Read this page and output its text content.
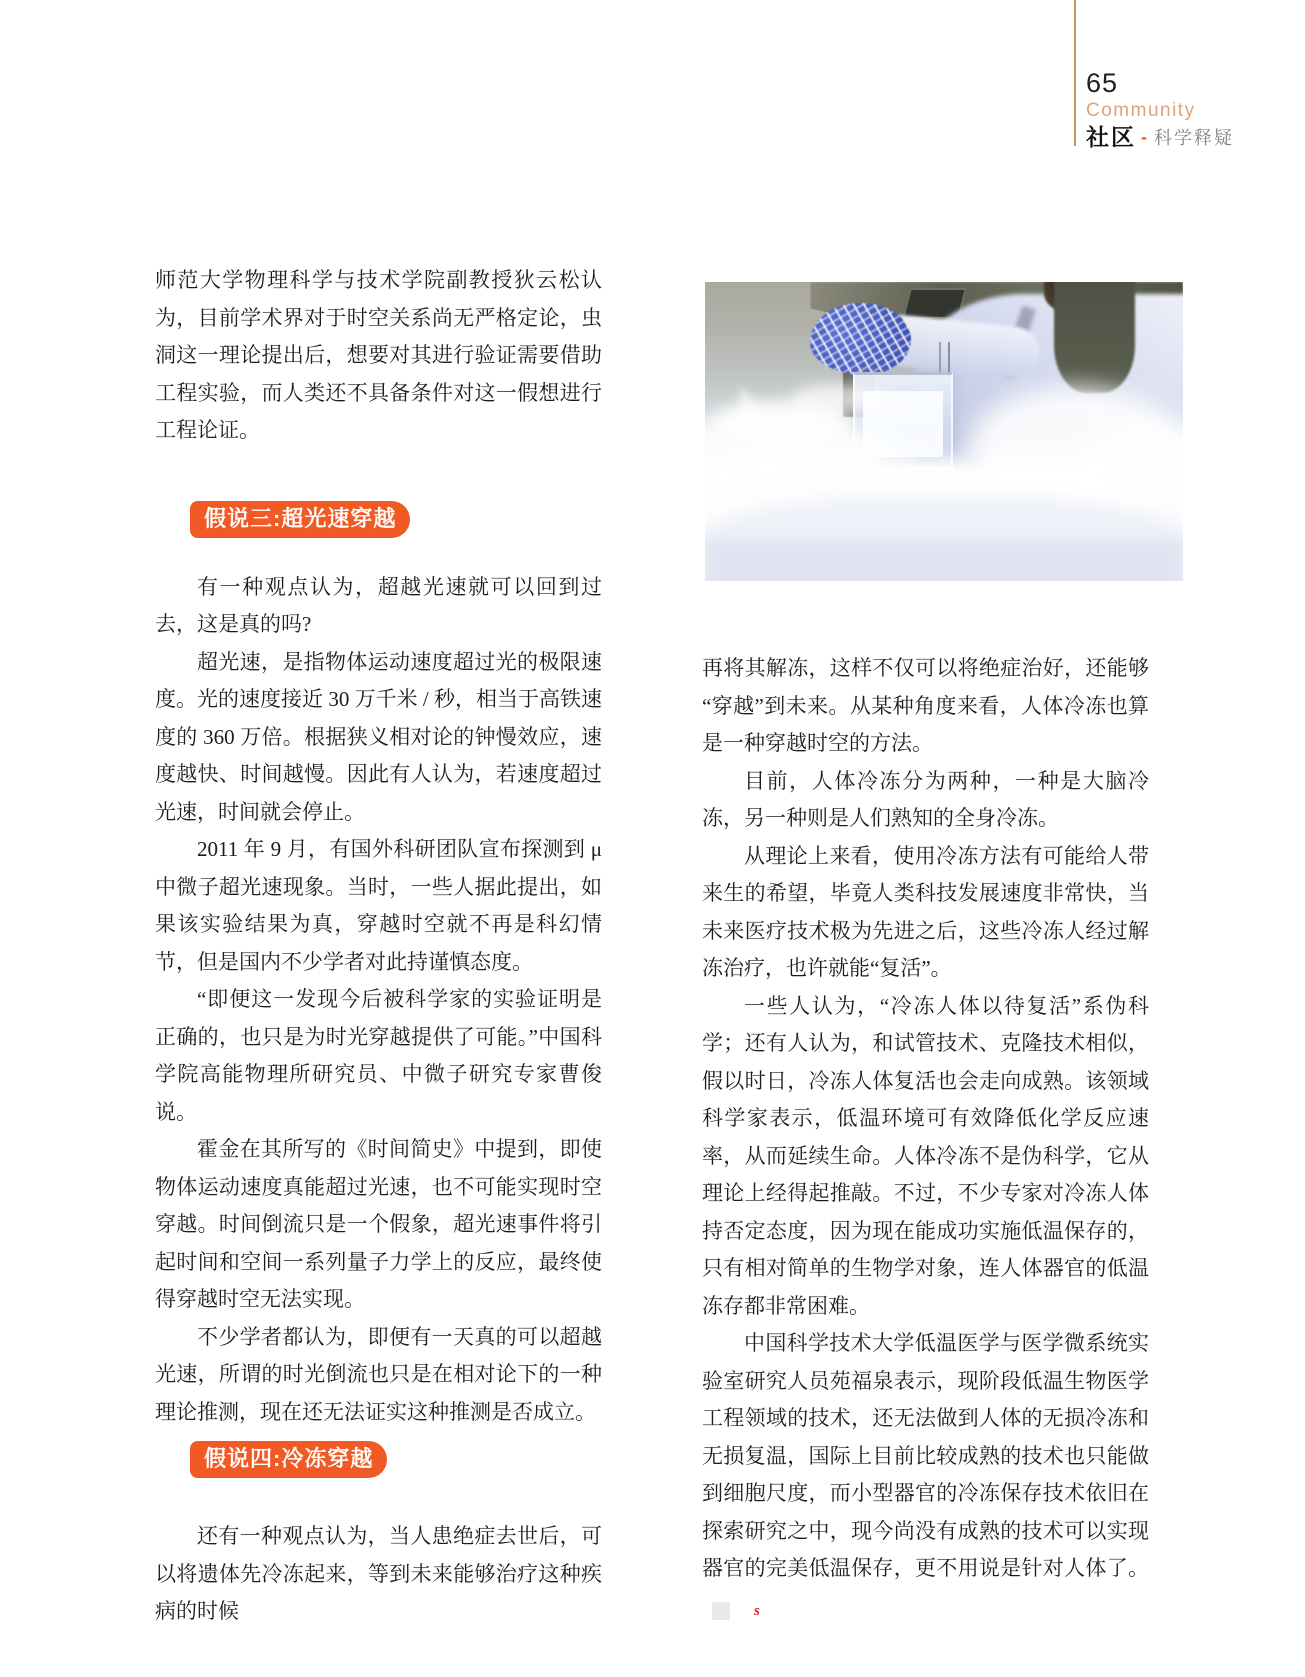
65
Community
社区 - 科学释疑

师范大学物理科学与技术学院副教授狄云松认为，目前学术界对于时空关系尚无严格定论，虫洞这一理论提出后，想要对其进行验证需要借助工程实验，而人类还不具备条件对这一假想进行工程论证。

假说三:超光速穿越

有一种观点认为，超越光速就可以回到过去，这是真的吗?

超光速，是指物体运动速度超过光的极限速度。光的速度接近 30 万千米 / 秒，相当于高铁速度的 360 万倍。根据狭义相对论的钟慢效应，速度越快、时间越慢。因此有人认为，若速度超过光速，时间就会停止。

2011 年 9 月，有国外科研团队宣布探测到 μ 中微子超光速现象。当时，一些人据此提出，如果该实验结果为真，穿越时空就不再是科幻情节，但是国内不少学者对此持谨慎态度。

“即便这一发现今后被科学家的实验证明是正确的，也只是为时光穿越提供了可能。”中国科学院高能物理所研究员、中微子研究专家曹俊说。

霍金在其所写的《时间简史》中提到，即使物体运动速度真能超过光速，也不可能实现时空穿越。时间倒流只是一个假象，超光速事件将引起时间和空间一系列量子力学上的反应，最终使得穿越时空无法实现。

不少学者都认为，即便有一天真的可以超越光速，所谓的时光倒流也只是在相对论下的一种理论推测，现在还无法证实这种推测是否成立。

假说四:冷冻穿越

还有一种观点认为，当人患绝症去世后，可以将遗体先冷冻起来，等到未来能够治疗这种疾病的时候

再将其解冻，这样不仅可以将绝症治好，还能够“穿越”到未来。从某种角度来看，人体冷冻也算是一种穿越时空的方法。

目前，人体冷冻分为两种，一种是大脑冷冻，另一种则是人们熟知的全身冷冻。

从理论上来看，使用冷冻方法有可能给人带来生的希望，毕竟人类科技发展速度非常快，当未来医疗技术极为先进之后，这些冷冻人经过解冻治疗，也许就能“复活”。

一些人认为，“冷冻人体以待复活”系伪科学；还有人认为，和试管技术、克隆技术相似，假以时日，冷冻人体复活也会走向成熟。该领域科学家表示，低温环境可有效降低化学反应速率，从而延续生命。人体冷冻不是伪科学，它从理论上经得起推敲。不过，不少专家对冷冻人体持否定态度，因为现在能成功实施低温保存的，只有相对简单的生物学对象，连人体器官的低温冻存都非常困难。

中国科学技术大学低温医学与医学微系统实验室研究人员苑福泉表示，现阶段低温生物医学工程领域的技术，还无法做到人体的无损冷冻和无损复温，国际上目前比较成熟的技术也只能做到细胞尺度，而小型器官的冷冻保存技术依旧在探索研究之中，现今尚没有成熟的技术可以实现器官的完美低温保存，更不用说是针对人体了。s
